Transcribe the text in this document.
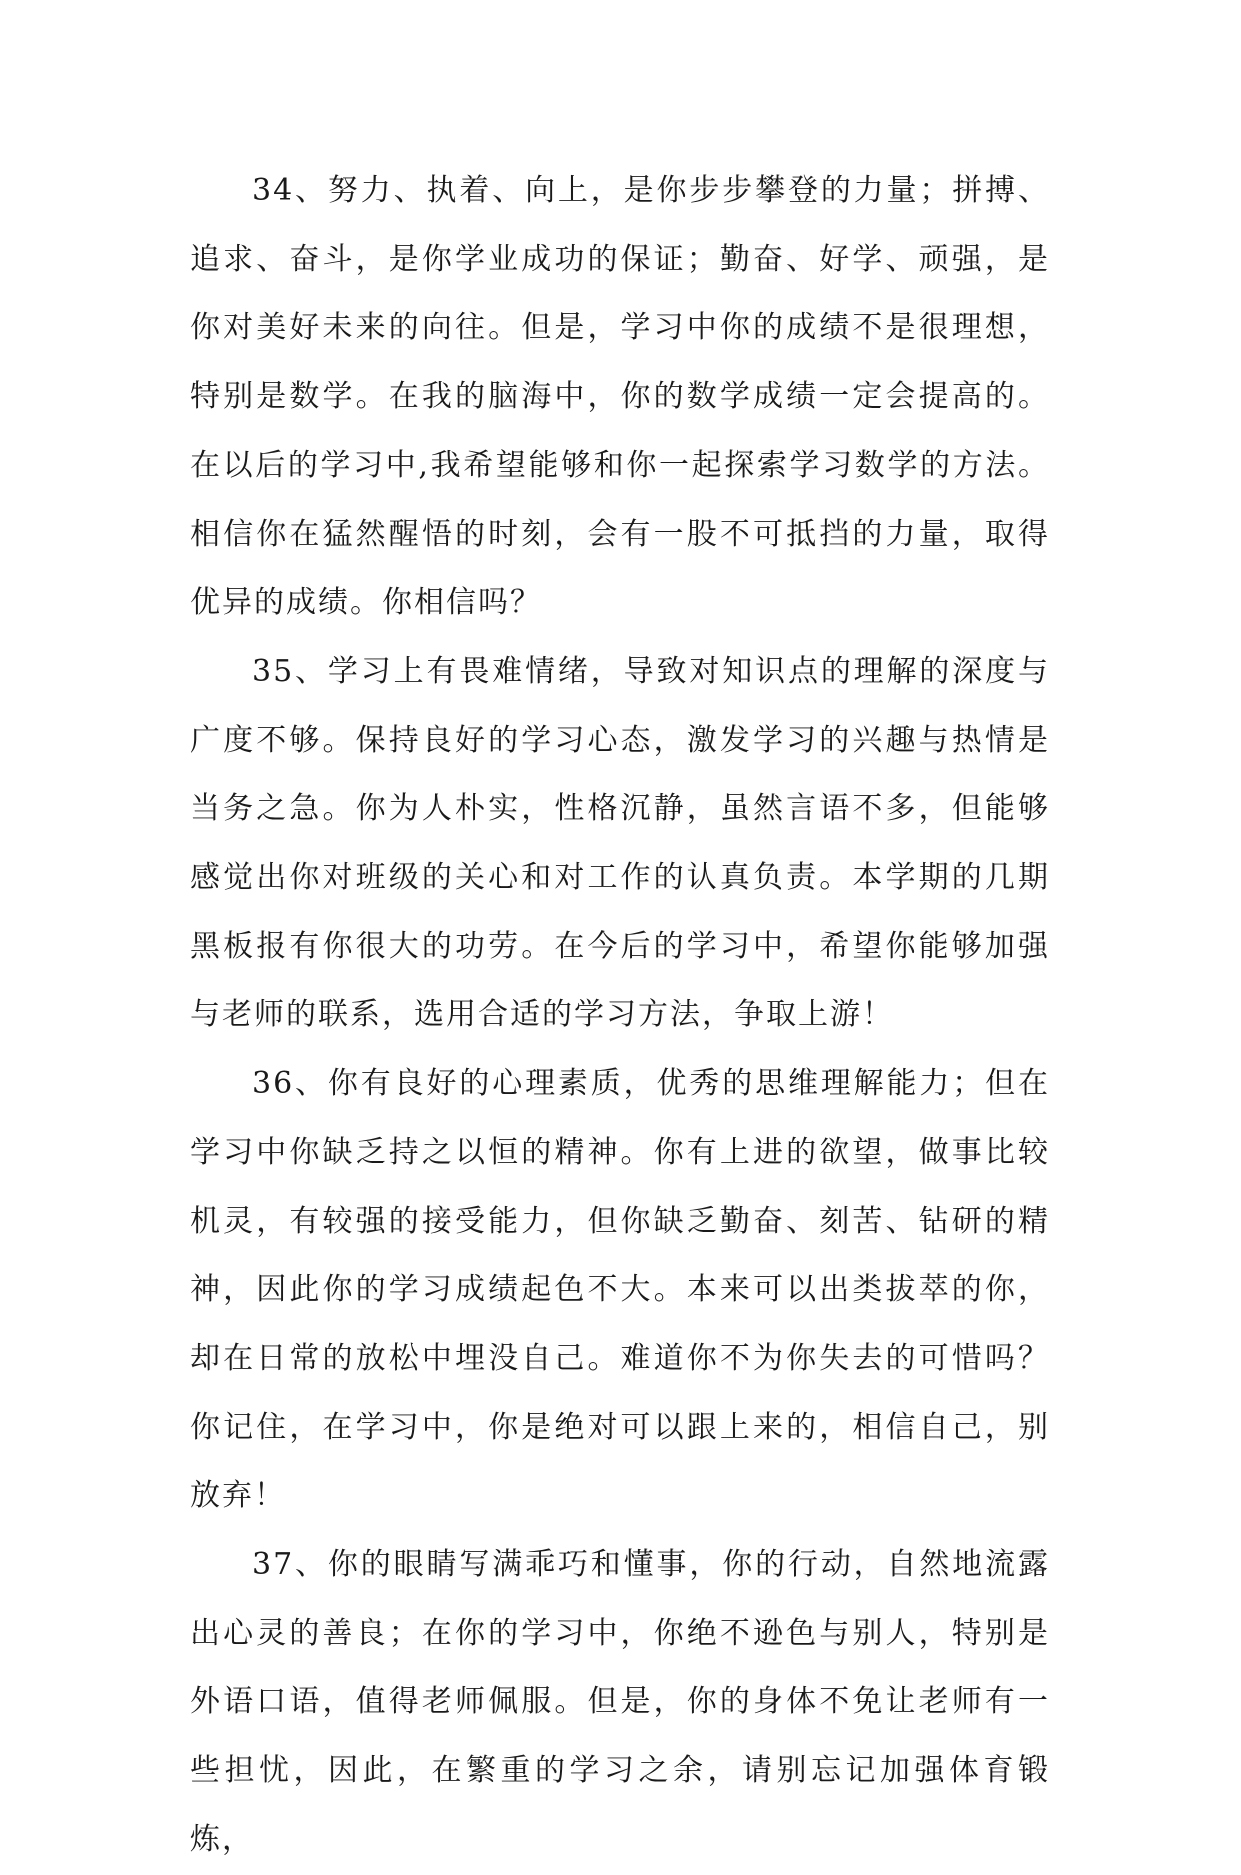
34、努力、执着、向上，是你步步攀登的力量；拼搏、追求、奋斗，是你学业成功的保证；勤奋、好学、顽强，是你对美好未来的向往。但是，学习中你的成绩不是很理想，特别是数学。在我的脑海中，你的数学成绩一定会提高的。在以后的学习中,我希望能够和你一起探索学习数学的方法。相信你在猛然醒悟的时刻，会有一股不可抵挡的力量，取得优异的成绩。你相信吗？

35、学习上有畏难情绪，导致对知识点的理解的深度与广度不够。保持良好的学习心态，激发学习的兴趣与热情是当务之急。你为人朴实，性格沉静，虽然言语不多，但能够感觉出你对班级的关心和对工作的认真负责。本学期的几期黑板报有你很大的功劳。在今后的学习中，希望你能够加强与老师的联系，选用合适的学习方法，争取上游！

36、你有良好的心理素质，优秀的思维理解能力；但在学习中你缺乏持之以恒的精神。你有上进的欲望，做事比较机灵，有较强的接受能力，但你缺乏勤奋、刻苦、钻研的精神，因此你的学习成绩起色不大。本来可以出类拔萃的你，却在日常的放松中埋没自己。难道你不为你失去的可惜吗？你记住，在学习中，你是绝对可以跟上来的，相信自己，别放弃！

37、你的眼睛写满乖巧和懂事，你的行动，自然地流露出心灵的善良；在你的学习中，你绝不逊色与别人，特别是外语口语，值得老师佩服。但是，你的身体不免让老师有一些担忧，因此，在繁重的学习之余，请别忘记加强体育锻炼，
